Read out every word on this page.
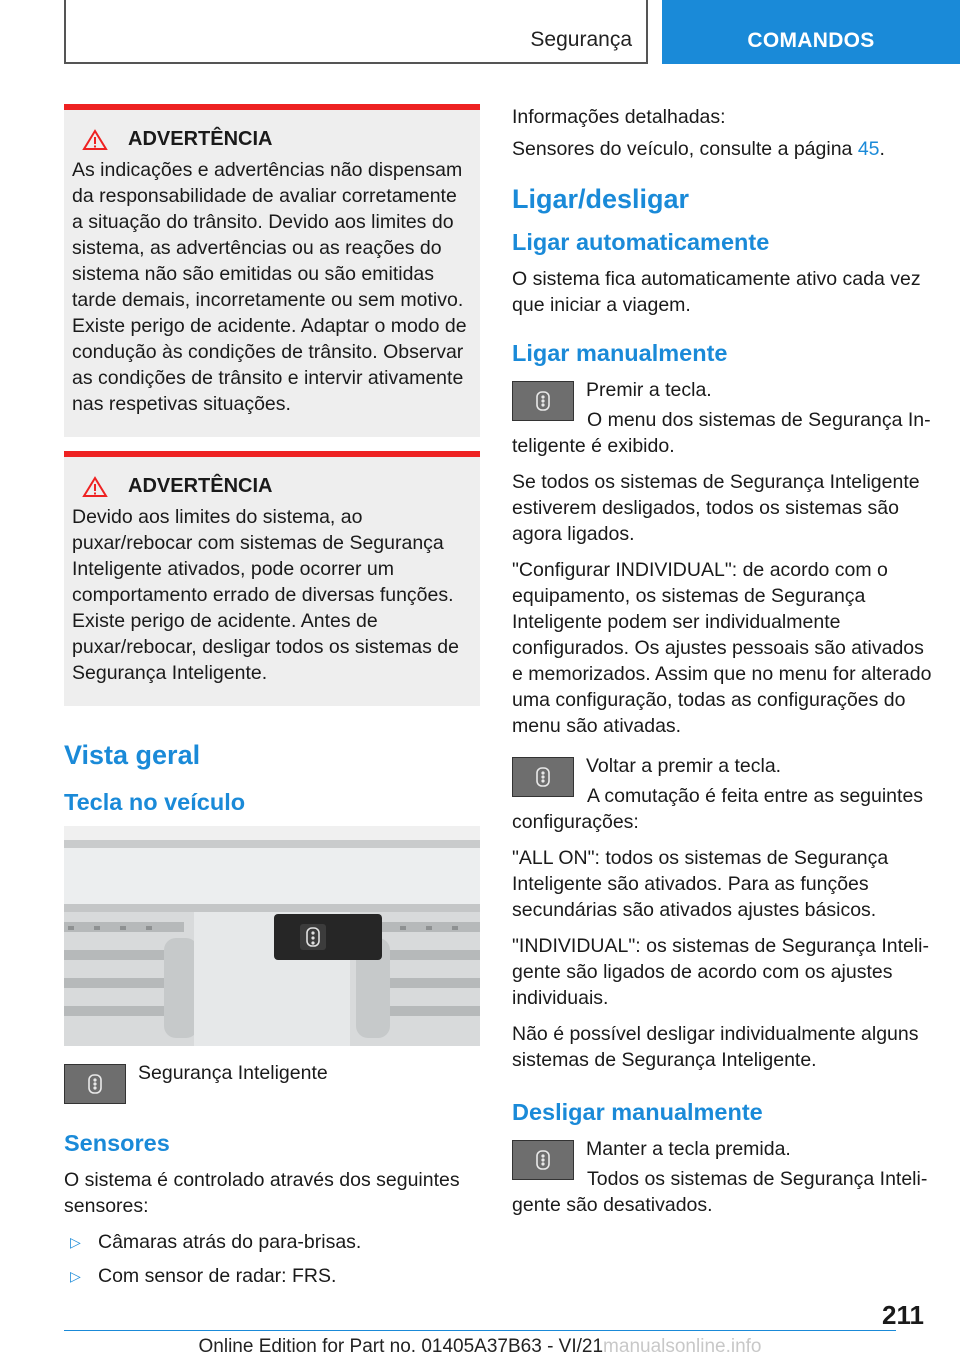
Segurança	COMANDOS
ADVERTÊNCIA

As indicações e advertências não dispensam da responsabilidade de avaliar corretamente a situação do trânsito. Devido aos limites do sistema, as advertências ou as reações do sistema não são emitidas ou são emitidas tarde demais, incorretamente ou sem motivo. Existe perigo de acidente. Adaptar o modo de condução às condições de trânsito. Observar as condições de trânsito e intervir ativamente nas respetivas situações.

ADVERTÊNCIA

Devido aos limites do sistema, ao puxar/rebocar com sistemas de Segurança Inteligente ativados, pode ocorrer um comportamento errado de diversas funções. Existe perigo de acidente. Antes de puxar/rebocar, desligar todos os sistemas de Segurança Inteligente.

Vista geral
Tecla no veículo

Segurança Inteligente

Sensores

O sistema é controlado através dos seguintes sensores:

▷ Câmaras atrás do para-brisas.
▷ Com sensor de radar: FRS.

Informações detalhadas:

Sensores do veículo, consulte a página 45.

Ligar/desligar
Ligar automaticamente

O sistema fica automaticamente ativo cada vez que iniciar a viagem.

Ligar manualmente

Premir a tecla.

O menu dos sistemas de Segurança Inteligente é exibido.

Se todos os sistemas de Segurança Inteligente estiverem desligados, todos os sistemas são agora ligados.

"Configurar INDIVIDUAL": de acordo com o equipamento, os sistemas de Segurança Inteligente podem ser individualmente configurados. Os ajustes pessoais são ativados e memorizados. Assim que no menu for alterado uma configuração, todas as configurações do menu são ativadas.

Voltar a premir a tecla.

A comutação é feita entre as seguintes configurações:

"ALL ON": todos os sistemas de Segurança Inteligente são ativados. Para as funções secundárias são ativados ajustes básicos.

"INDIVIDUAL": os sistemas de Segurança Inteligente são ligados de acordo com os ajustes individuais.

Não é possível desligar individualmente alguns sistemas de Segurança Inteligente.

Desligar manualmente

Manter a tecla premida.

Todos os sistemas de Segurança Inteligente são desativados.

211
Online Edition for Part no. 01405A37B63 - VI/21manualsonline.info
